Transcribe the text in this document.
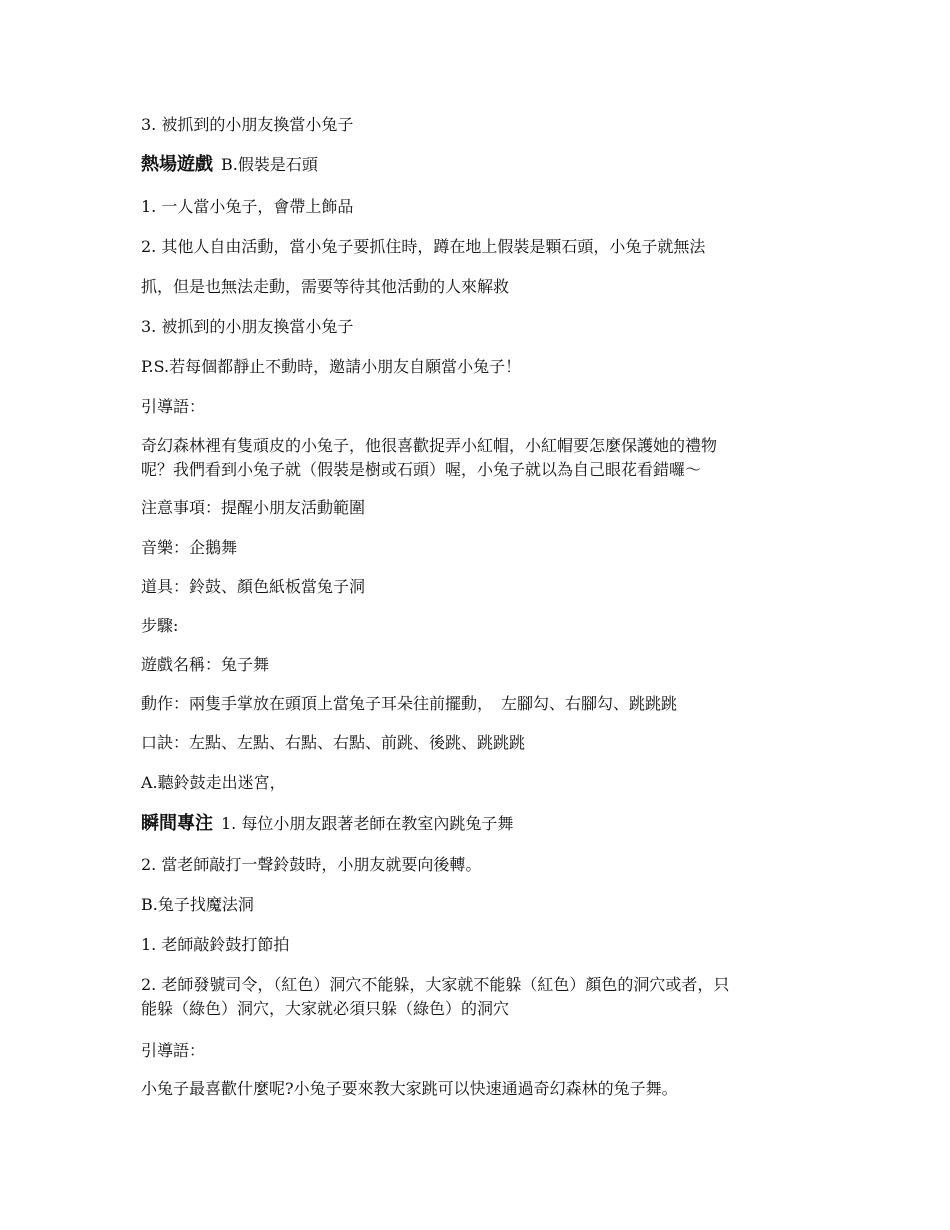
3. 被抓到的小朋友換當小兔子
熱場遊戲 B.假裝是石頭
1. 一人當小兔子，會帶上飾品
2. 其他人自由活動，當小兔子要抓住時，蹲在地上假裝是顆石頭，小兔子就無法
抓，但是也無法走動，需要等待其他活動的人來解救
3. 被抓到的小朋友換當小兔子
P.S.若每個都靜止不動時，邀請小朋友自願當小兔子！
引導語：
奇幻森林裡有隻頑皮的小兔子，他很喜歡捉弄小紅帽，小紅帽要怎麼保護她的禮物
呢？我們看到小兔子就（假裝是樹或石頭）喔，小兔子就以為自己眼花看錯囉～
注意事項：提醒小朋友活動範圍
音樂：企鵝舞
道具：鈴鼓、顏色紙板當兔子洞
步驟:
遊戲名稱：兔子舞
動作：兩隻手掌放在頭頂上當兔子耳朵往前擺動，　左腳勾、右腳勾、跳跳跳
口訣：左點、左點、右點、右點、前跳、後跳、跳跳跳
A.聽鈴鼓走出迷宮，
瞬間專注 1. 每位小朋友跟著老師在教室內跳兔子舞
2. 當老師敲打一聲鈴鼓時，小朋友就要向後轉。
B.兔子找魔法洞
1. 老師敲鈴鼓打節拍
2. 老師發號司令，（紅色）洞穴不能躲，大家就不能躲（紅色）顏色的洞穴或者，只
能躲（綠色）洞穴，大家就必須只躲（綠色）的洞穴
引導語：
小兔子最喜歡什麼呢?小兔子要來教大家跳可以快速通過奇幻森林的兔子舞。
